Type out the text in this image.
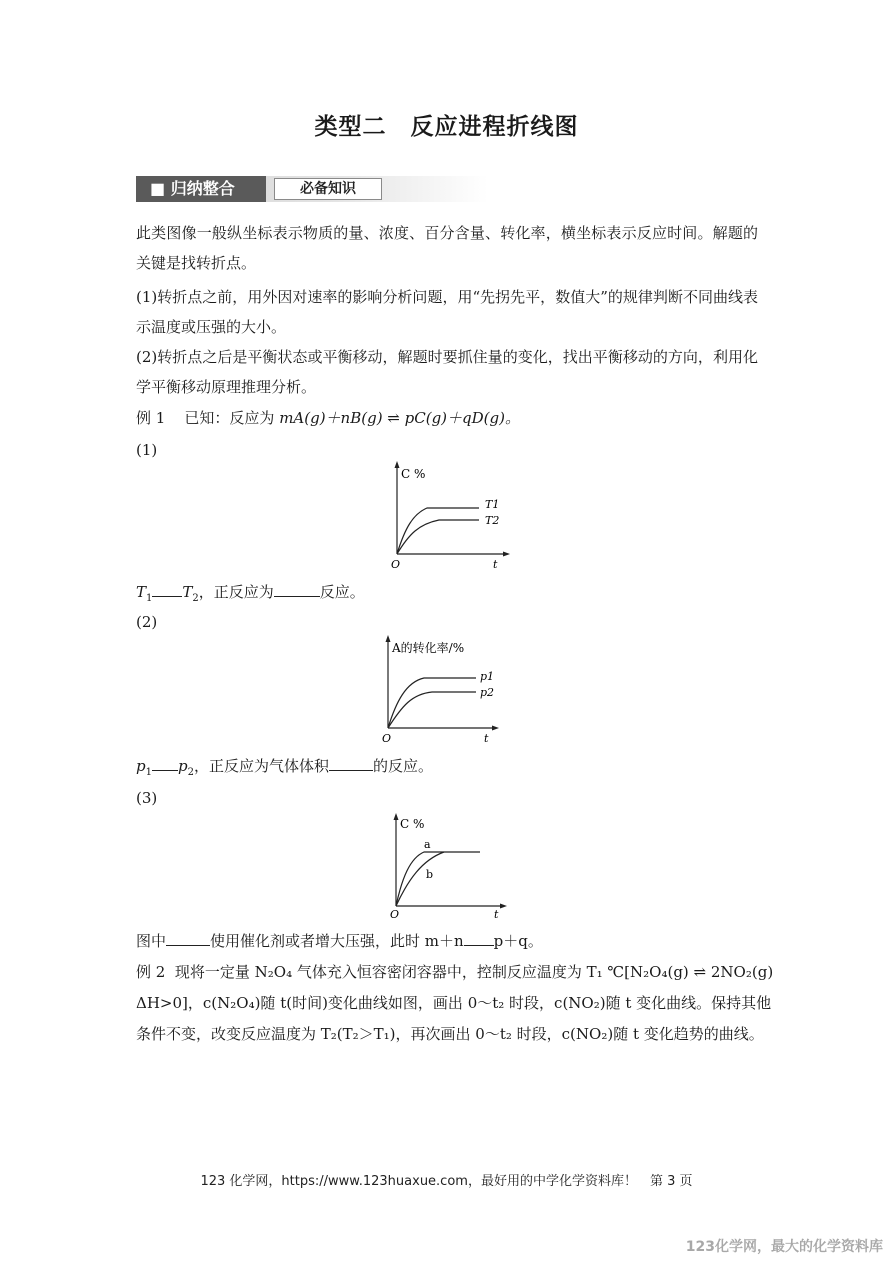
类型二　反应进程折线图
■ 归纳整合	必备知识
此类图像一般纵坐标表示物质的量、浓度、百分含量、转化率，横坐标表示反应时间。解题的关键是找转折点。
(1)转折点之前，用外因对速率的影响分析问题，用“先拐先平，数值大”的规律判断不同曲线表示温度或压强的大小。
(2)转折点之后是平衡状态或平衡移动，解题时要抓住量的变化，找出平衡移动的方向，利用化学平衡移动原理推理分析。
例 1 已知：反应为 mA(g)＋nB(g) ⇌ pC(g)＋qD(g)。
(1)
C %
T1
T2
O	t
$T_1$ $T_2$，正反应为	反应。
(2)
A的转化率/%
p1
p2
O	t
$p_1$ $p_2$，正反应为气体体积	的反应。
(3)
C %
a
b
O	t
图中	使用催化剂或者增大压强，此时 m＋n p＋q。
例 2 现将一定量 N₂O₄ 气体充入恒容密闭容器中，控制反应温度为 T₁ ℃[N₂O₄(g) ⇌ 2NO₂(g)
ΔH>0]，c(N₂O₄)随 t(时间)变化曲线如图，画出 0～t₂ 时段，c(NO₂)随 t 变化曲线。保持其他
条件不变，改变反应温度为 T₂(T₂＞T₁)，再次画出 0～t₂ 时段，c(NO₂)随 t 变化趋势的曲线。
123 化学网，https://www.123huaxue.com，最好用的中学化学资料库！　第 3 页
123化学网，最大的化学资料库
